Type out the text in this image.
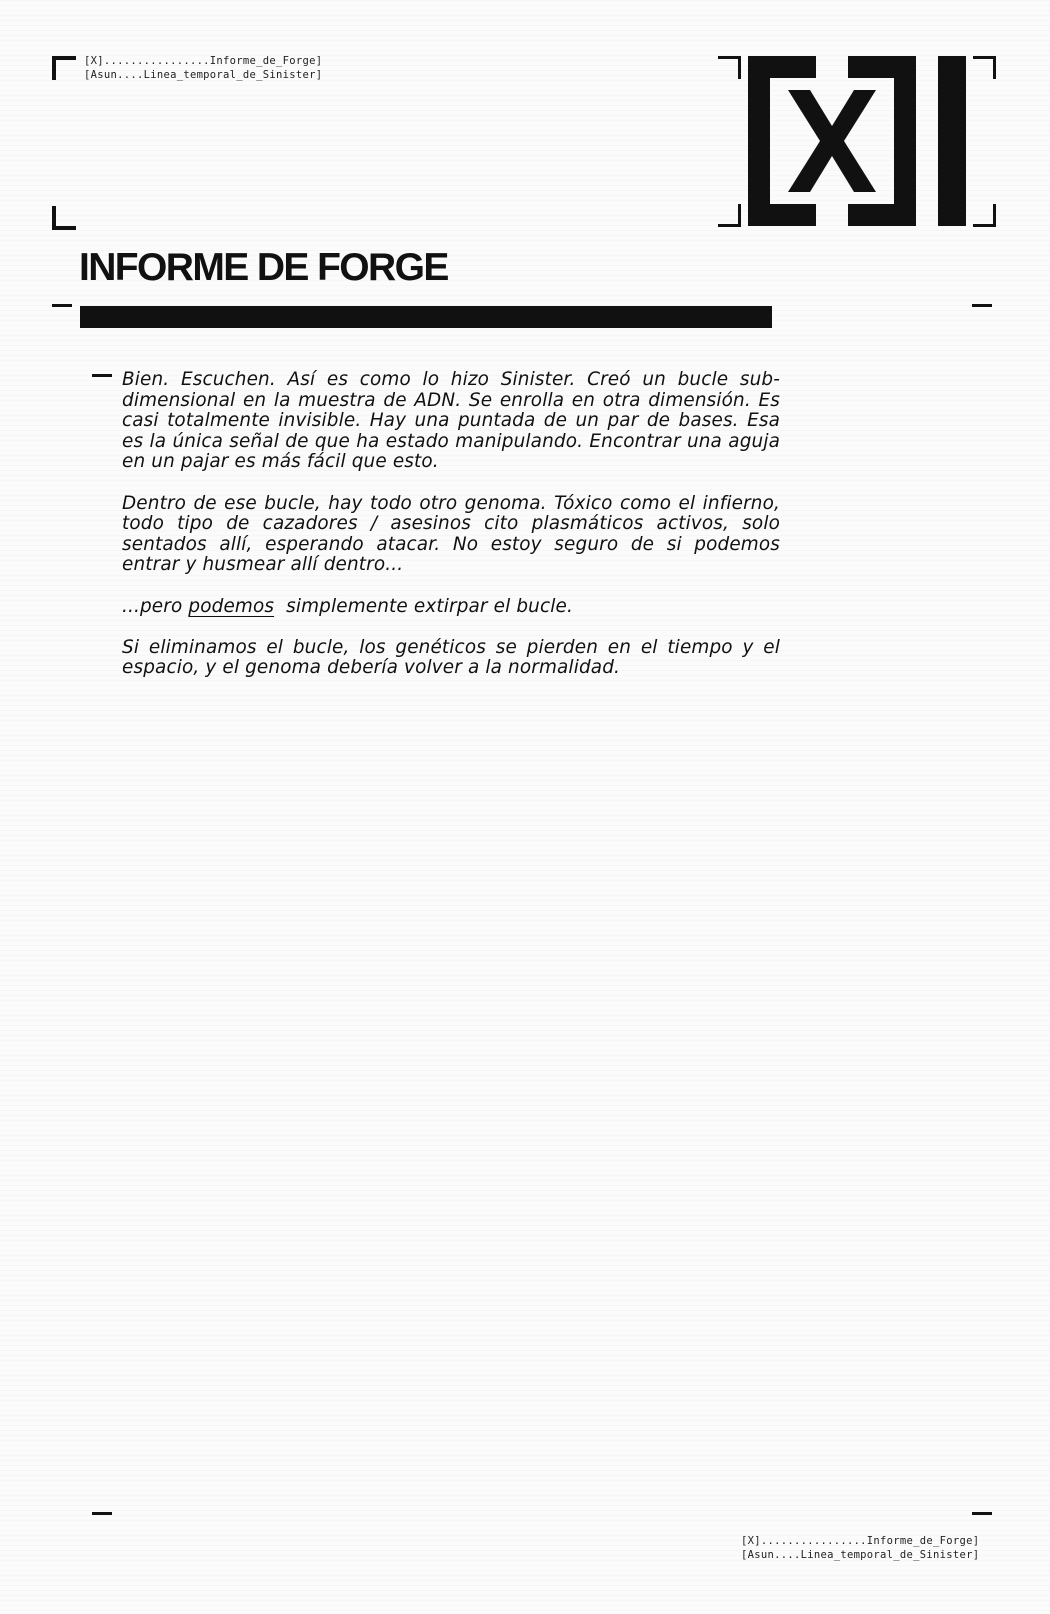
[X]................Informe_de_Forge]
[Asun....Linea_temporal_de_Sinister]
INFORME DE FORGE

Bien. Escuchen. Así es como lo hizo Sinister. Creó un bucle sub-dimensional en la muestra de ADN. Se enrolla en otra dimensión. Es casi totalmente invisible. Hay una puntada de un par de bases. Esa es la única señal de que ha estado manipulando. Encontrar una aguja en un pajar es más fácil que esto.

Dentro de ese bucle, hay todo otro genoma. Tóxico como el infierno, todo tipo de cazadores / asesinos cito plasmáticos activos, solo sentados allí, esperando atacar. No estoy seguro de si podemos entrar y husmear allí dentro...

...pero podemos  simplemente extirpar el bucle.

Si eliminamos el bucle, los genéticos se pierden en el tiempo y el espacio, y el genoma debería volver a la normalidad.

[X]................Informe_de_Forge]
[Asun....Linea_temporal_de_Sinister]
